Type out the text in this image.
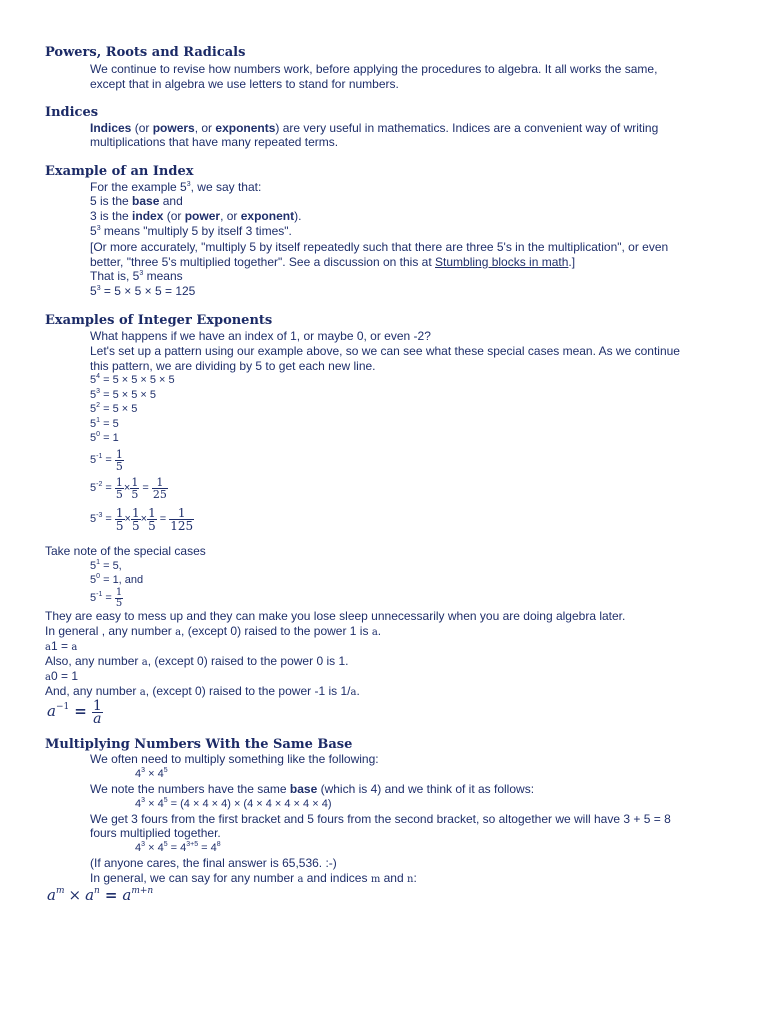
Powers, Roots and Radicals
We continue to revise how numbers work, before applying the procedures to algebra. It all works the same,
except that in algebra we use letters to stand for numbers.
Indices
Indices (or powers, or exponents) are very useful in mathematics. Indices are a convenient way of writing
multiplications that have many repeated terms.
Example of an Index
For the example $5^3$, we say that:
5 is the base and
3 is the index (or power, or exponent).
$5^3$ means "multiply 5 by itself 3 times".
[Or more accurately, "multiply 5 by itself repeatedly such that there are three 5's in the multiplication", or even
better, "three 5's multiplied together". See a discussion on this at Stumbling blocks in math.]
That is, $5^3$ means
$5^3 = 5 \times 5 \times 5 = 125$
Examples of Integer Exponents
What happens if we have an index of 1, or maybe 0, or even -2?
Let's set up a pattern using our example above, so we can see what these special cases mean. As we continue
this pattern, we are dividing by 5 to get each new line.
$5^4 = 5 \times 5 \times 5 \times 5$
$5^3 = 5 \times 5 \times 5$
$5^2 = 5 \times 5$
$5^1 = 5$
$5^0 = 1$
$5^{-1} = \frac{1}{5}$
$5^{-2} = \frac{1}{5} \times \frac{1}{5} = \frac{1}{25}$
$5^{-3} = \frac{1}{5} \times \frac{1}{5} \times \frac{1}{5} = \frac{1}{125}$
Take note of the special cases
$5^1 = 5$,
$5^0 = 1$, and
$5^{-1} = \frac{1}{5}$
They are easy to mess up and they can make you lose sleep unnecessarily when you are doing algebra later.
In general , any number a, (except 0) raised to the power 1 is a.
a1 = a
Also, any number a, (except 0) raised to the power 0 is 1.
a0 = 1
And, any number a, (except 0) raised to the power -1 is 1/a.
$a^{-1} = \frac{1}{a}$
Multiplying Numbers With the Same Base
We often need to multiply something like the following:
$4^3 \times 4^5$
We note the numbers have the same base (which is 4) and we think of it as follows:
$4^3 \times 4^5 = (4 \times 4 \times 4) \times (4 \times 4 \times 4 \times 4 \times 4)$
We get 3 fours from the first bracket and 5 fours from the second bracket, so altogether we will have 3 + 5 = 8
fours multiplied together.
$4^3 \times 4^5 = 4^{3+5} = 4^8$
(If anyone cares, the final answer is 65,536. :-)
In general, we can say for any number a and indices m and n:
$a^m \times a^n = a^{m+n}$
